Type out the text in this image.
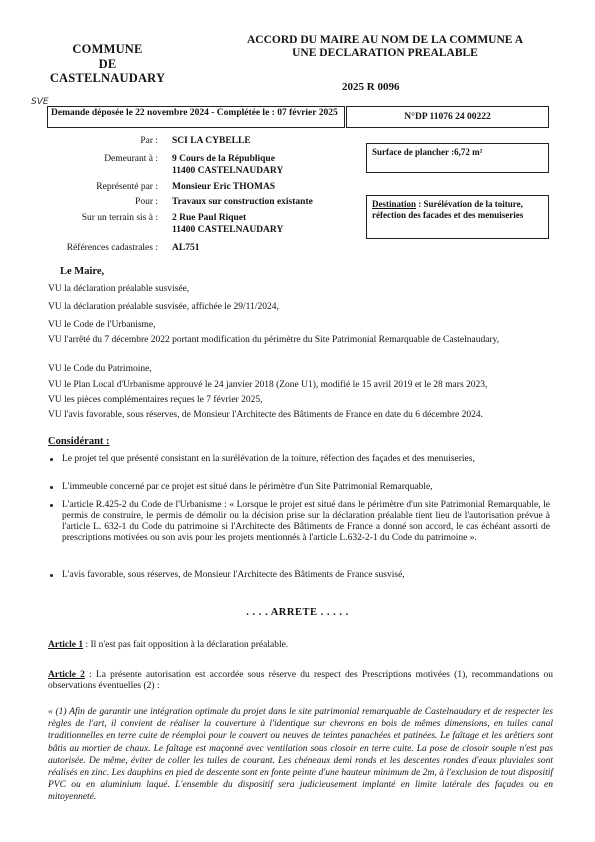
COMMUNE
DE
CASTELNAUDARY
ACCORD DU MAIRE AU NOM DE LA COMMUNE A
UNE DECLARATION PREALABLE
2025 R 0096
SVE
Demande déposée le 22 novembre 2024 - Complétée le : 07 février 2025	N°DP 11076 24 00222
Surface de plancher :6,72 m²
Destination : Surélévation de la toiture, réfection des facades et des menuiseries
Par : SCI LA CYBELLE
Demeurant à : 9 Cours de la République
11400 CASTELNAUDARY
Représenté par : Monsieur Eric THOMAS
Pour : Travaux sur construction existante
Sur un terrain sis à : 2 Rue Paul Riquet
11400 CASTELNAUDARY
Références cadastrales : AL751
Le Maire,
VU la déclaration préalable susvisée,
VU la déclaration préalable susvisée, affichée le 29/11/2024,
VU le Code de l'Urbanisme,
VU l'arrêté du 7 décembre 2022 portant modification du périmètre du Site Patrimonial Remarquable de Castelnaudary,
VU le Code du Patrimoine,
VU le Plan Local d'Urbanisme approuvé le 24 janvier 2018 (Zone U1), modifié le 15 avril 2019 et le 28 mars 2023,
VU les pièces complémentaires reçues le 7 février 2025,
VU l'avis favorable, sous réserves, de Monsieur l'Architecte des Bâtiments de France en date du 6 décembre 2024.
Considérant :
Le projet tel que présenté consistant en la surélévation de la toiture, réfection des façades et des menuiseries,
L'immeuble concerné par ce projet est situé dans le périmètre d'un Site Patrimonial Remarquable,
L'article R.425-2 du Code de l'Urbanisme : « Lorsque le projet est situé dans le périmètre d'un site Patrimonial Remarquable, le permis de construire, le permis de démolir ou la décision prise sur la déclaration préalable tient lieu de l'autorisation prévue à l'article L. 632-1 du Code du patrimoine si l'Architecte des Bâtiments de France a donné son accord, le cas échéant assorti de prescriptions motivées ou son avis pour les projets mentionnés à l'article L.632-2-1 du Code du patrimoine ».
L'avis favorable, sous réserves, de Monsieur l'Architecte des Bâtiments de France susvisé,
. . . . ARRETE . . . . .
Article 1 : Il n'est pas fait opposition à la déclaration préalable.
Article 2 : La présente autorisation est accordée sous réserve du respect des Prescriptions motivées (1), recommandations ou observations éventuelles (2) :
« (1) Afin de garantir une intégration optimale du projet dans le site patrimonial remarquable de Castelnaudary et de respecter les règles de l'art, il convient de réaliser la couverture à l'identique sur chevrons en bois de mêmes dimensions, en tuiles canal traditionnelles en terre cuite de réemploi pour le couvert ou neuves de teintes panachées et patinées. Le faîtage et les arêtiers sont bâtis au mortier de chaux. Le faîtage est maçonné avec ventilation sous closoir en terre cuite. La pose de closoir souple n'est pas autorisée. De même, éviter de coller les tuiles de courant. Les chéneaux demi ronds et les descentes rondes d'eaux pluviales sont réalisés en zinc. Les dauphins en pied de descente sont en fonte peinte d'une hauteur minimum de 2m, à l'exclusion de tout dispositif PVC ou en aluminium laqué. L'ensemble du dispositif sera judicieusement implanté en limite latérale des façades ou en mitoyenneté.
